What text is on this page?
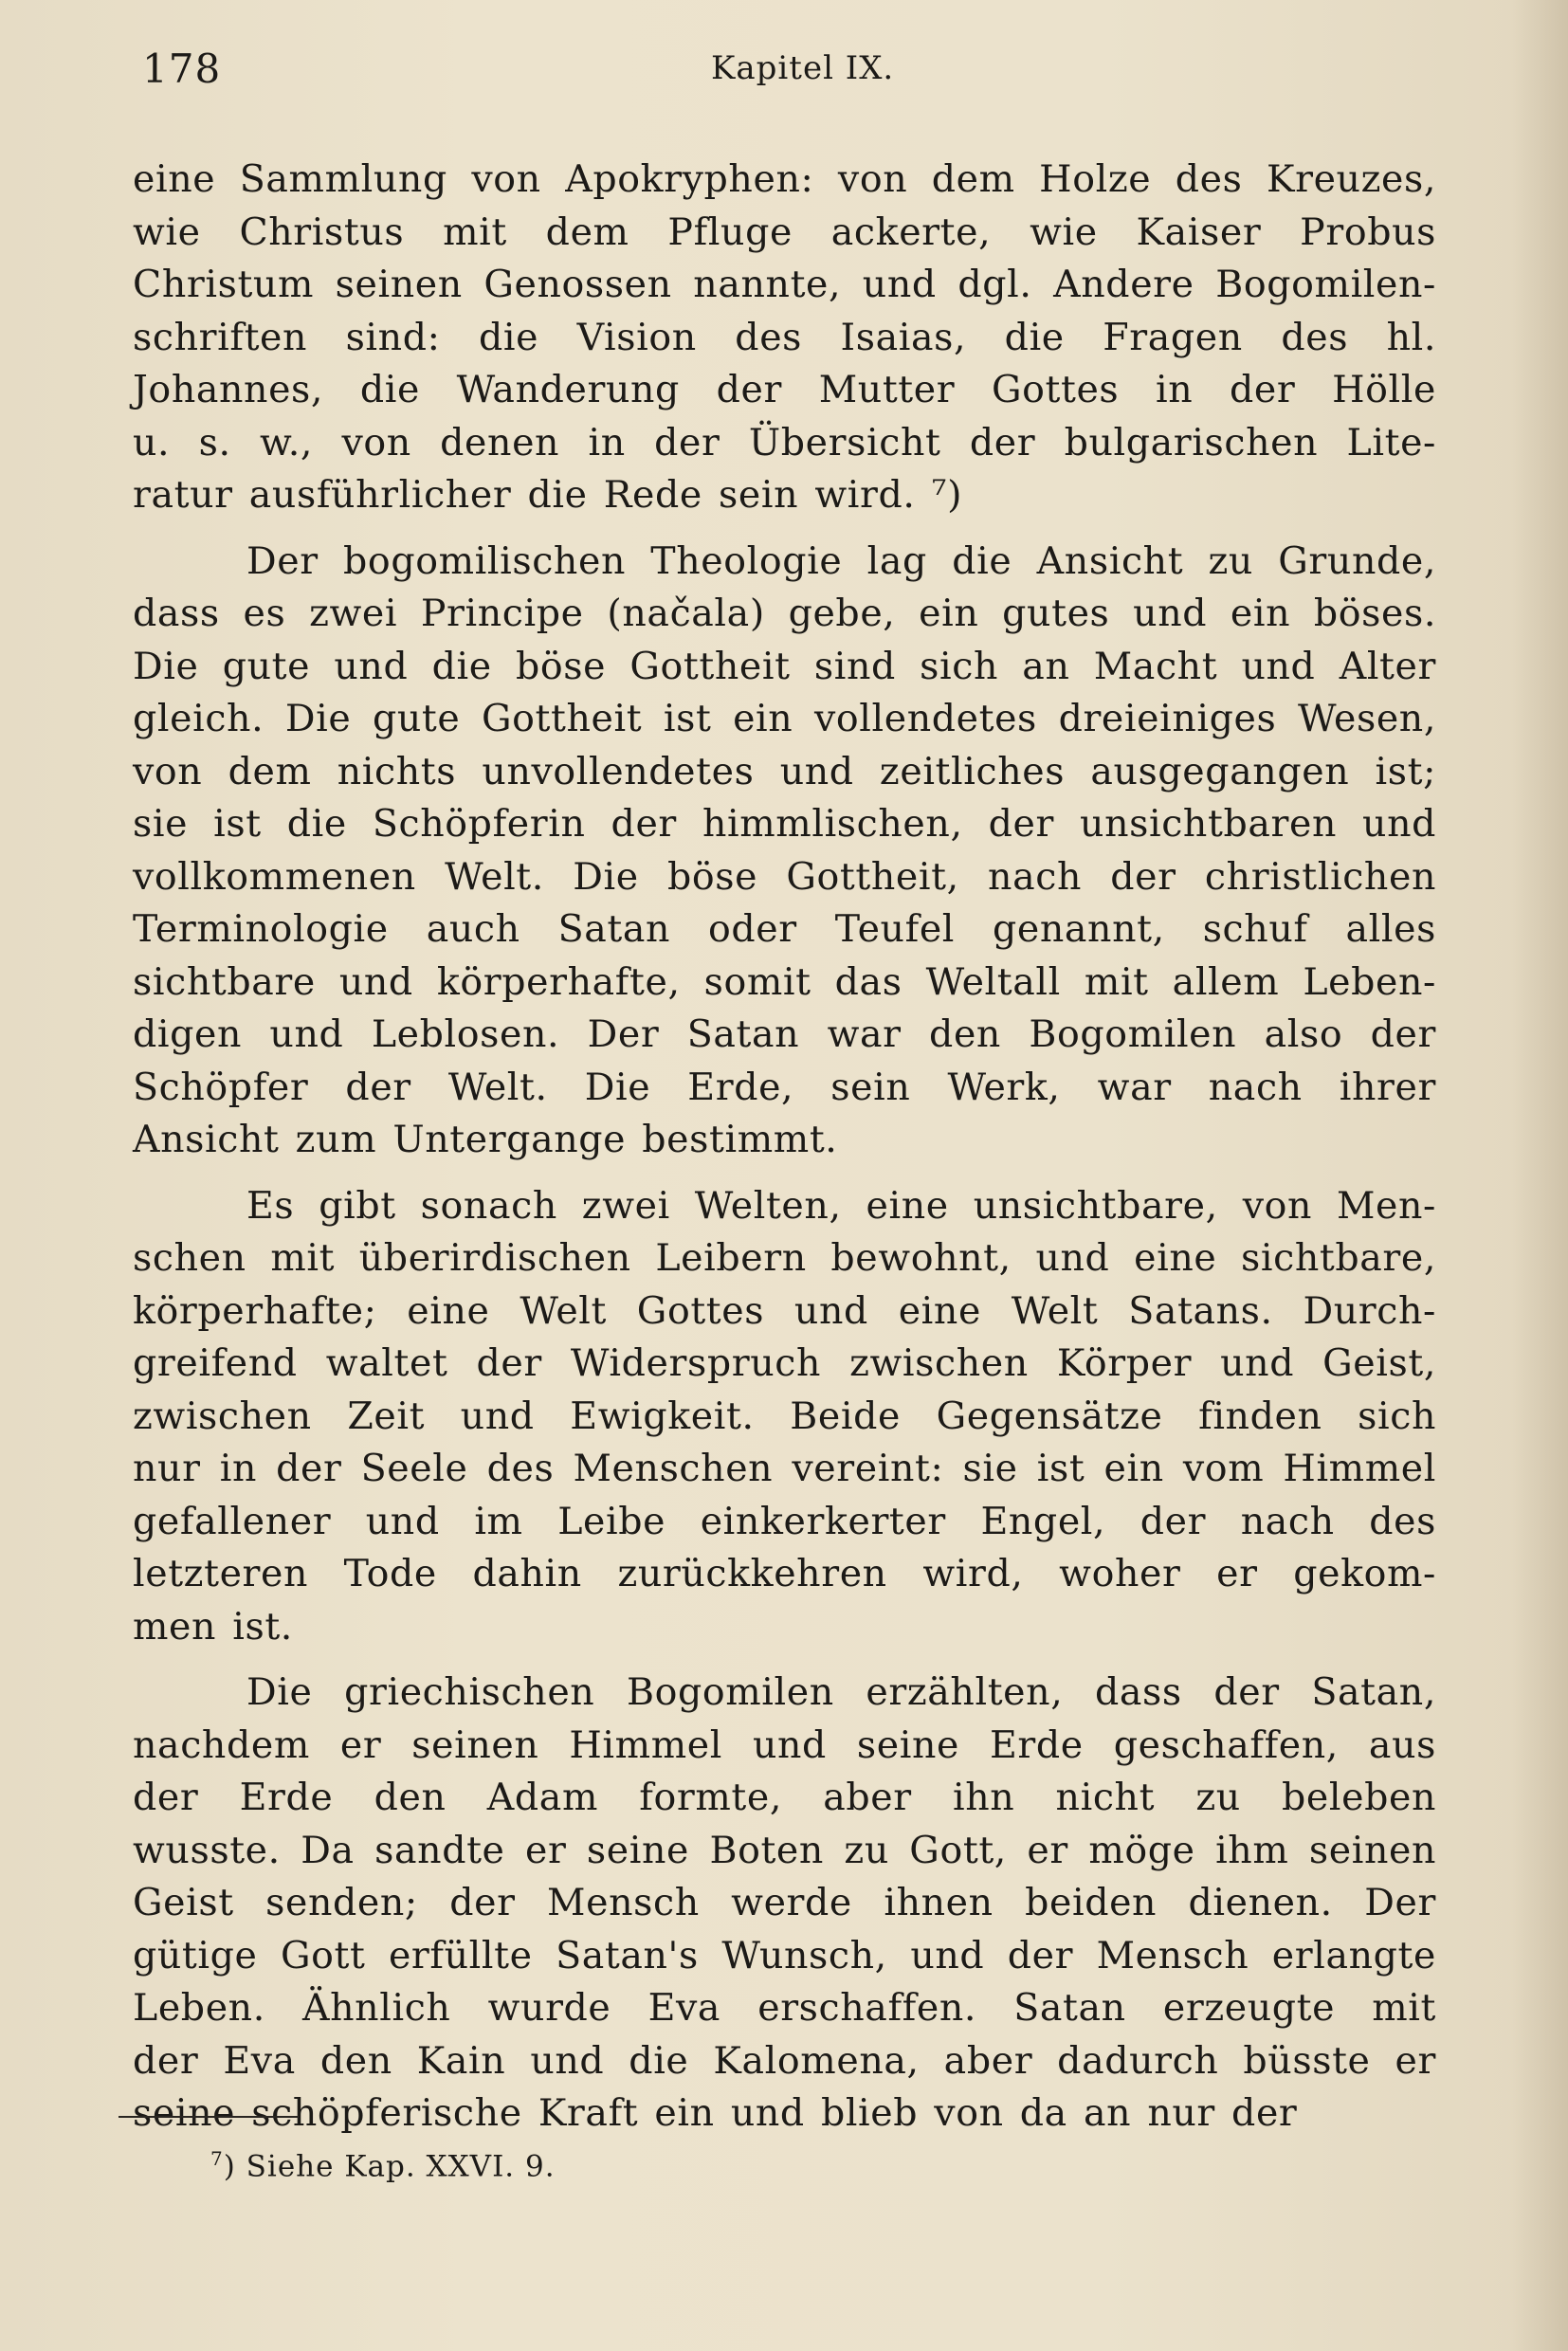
178	Kapitel IX.

eine Sammlung von Apokryphen: von dem Holze des Kreuzes,
wie Christus mit dem Pfluge ackerte, wie Kaiser Probus
Christum seinen Genossen nannte, und dgl. Andere Bogomilen-
schriften sind: die Vision des Isaias, die Fragen des hl.
Johannes, die Wanderung der Mutter Gottes in der Hölle
u. s. w., von denen in der Übersicht der bulgarischen Lite-
ratur ausführlicher die Rede sein wird. ⁷)

Der bogomilischen Theologie lag die Ansicht zu Grunde,
dass es zwei Principe (načala) gebe, ein gutes und ein böses.
Die gute und die böse Gottheit sind sich an Macht und Alter
gleich. Die gute Gottheit ist ein vollendetes dreieiniges Wesen,
von dem nichts unvollendetes und zeitliches ausgegangen ist;
sie ist die Schöpferin der himmlischen, der unsichtbaren und
vollkommenen Welt. Die böse Gottheit, nach der christlichen
Terminologie auch Satan oder Teufel genannt, schuf alles
sichtbare und körperhafte, somit das Weltall mit allem Leben-
digen und Leblosen. Der Satan war den Bogomilen also der
Schöpfer der Welt. Die Erde, sein Werk, war nach ihrer
Ansicht zum Untergange bestimmt.

Es gibt sonach zwei Welten, eine unsichtbare, von Men-
schen mit überirdischen Leibern bewohnt, und eine sichtbare,
körperhafte; eine Welt Gottes und eine Welt Satans. Durch-
greifend waltet der Widerspruch zwischen Körper und Geist,
zwischen Zeit und Ewigkeit. Beide Gegensätze finden sich
nur in der Seele des Menschen vereint: sie ist ein vom Himmel
gefallener und im Leibe einkerkerter Engel, der nach des
letzteren Tode dahin zurückkehren wird, woher er gekom-
men ist.

Die griechischen Bogomilen erzählten, dass der Satan,
nachdem er seinen Himmel und seine Erde geschaffen, aus
der Erde den Adam formte, aber ihn nicht zu beleben
wusste. Da sandte er seine Boten zu Gott, er möge ihm seinen
Geist senden; der Mensch werde ihnen beiden dienen. Der
gütige Gott erfüllte Satan's Wunsch, und der Mensch erlangte
Leben. Ähnlich wurde Eva erschaffen. Satan erzeugte mit
der Eva den Kain und die Kalomena, aber dadurch büsste er
seine schöpferische Kraft ein und blieb von da an nur der

$^7$) Siehe Kap. XXVI. 9.
